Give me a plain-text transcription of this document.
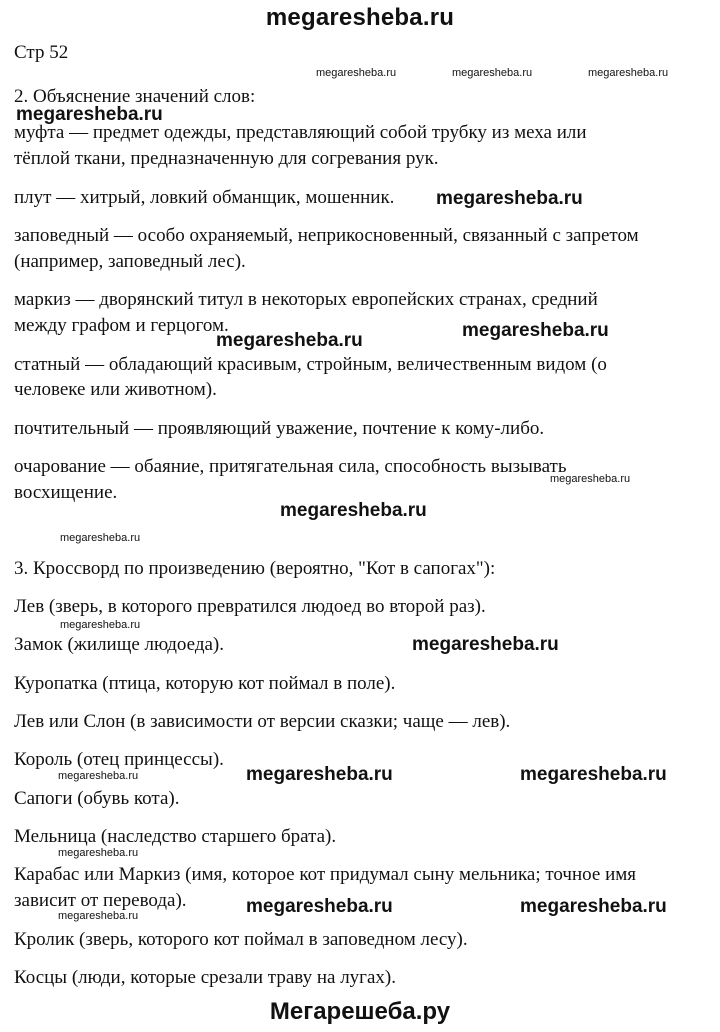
megaresheba.ru
Стр 52
2. Объяснение значений слов:
муфта — предмет одежды, представляющий собой трубку из меха или
тёплой ткани, предназначенную для согревания рук.
плут — хитрый, ловкий обманщик, мошенник.
заповедный — особо охраняемый, неприкосновенный, связанный с запретом
(например, заповедный лес).
маркиз — дворянский титул в некоторых европейских странах, средний
между графом и герцогом.
статный — обладающий красивым, стройным, величественным видом (о
человеке или животном).
почтительный — проявляющий уважение, почтение к кому-либо.
очарование — обаяние, притягательная сила, способность вызывать
восхищение.
3. Кроссворд по произведению (вероятно, "Кот в сапогах"):
Лев (зверь, в которого превратился людоед во второй раз).
Замок (жилище людоеда).
Куропатка (птица, которую кот поймал в поле).
Лев или Слон (в зависимости от версии сказки; чаще — лев).
Король (отец принцессы).
Сапоги (обувь кота).
Мельница (наследство старшего брата).
Карабас или Маркиз (имя, которое кот придумал сыну мельника; точное имя
зависит от перевода).
Кролик (зверь, которого кот поймал в заповедном лесу).
Косцы (люди, которые срезали траву на лугах).
megaresheba.ru
megaresheba.ru
megaresheba.ru	megaresheba.ru
megaresheba.ru
megaresheba.ru
megaresheba.ru	megaresheba.ru
megaresheba.ru	megaresheba.ru
megaresheba.ru	megaresheba.ru	megaresheba.ru
megaresheba.ru
megaresheba.ru
megaresheba.ru
megaresheba.ru
megaresheba.ru
megaresheba.ru
Мегарешеба.ру
